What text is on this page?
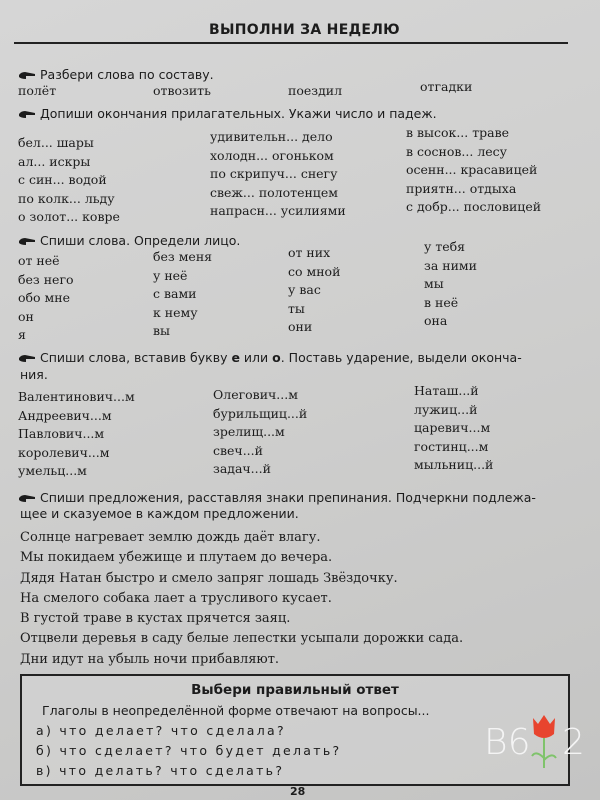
ВЫПОЛНИ ЗА НЕДЕЛЮ
Разбери слова по составу.
полёт	отвозить	поездил	отгадки
Допиши окончания прилагательных. Укажи число и падеж.
бел... шары
ал... искры
с син... водой
по колк... льду
о золот... ковре
удивительн... дело
холодн... огоньком
по скрипуч... снегу
свеж... полотенцем
напрасн... усилиями
в высок... траве
в соснов... лесу
осенн... красавицей
приятн... отдыха
с добр... пословицей
Спиши слова. Определи лицо.
от неё
без него
обо мне
он
я
без меня
у неё
с вами
к нему
вы
от них
со мной
у вас
ты
они
у тебя
за ними
мы
в неё
она
Спиши слова, вставив букву е или о. Поставь ударение, выдели оконча-
ния.
Валентинович...м
Андреевич...м
Павлович...м
королевич...м
умельц...м
Олегович...м
бурильщиц...й
зрелищ...м
свеч...й
задач...й
Наташ...й
лужиц...й
царевич...м
гостинц...м
мыльниц...й
Спиши предложения, расставляя знаки препинания. Подчеркни подлежа-
щее и сказуемое в каждом предложении.
Солнце нагревает землю дождь даёт влагу.
Мы покидаем убежище и плутаем до вечера.
Дядя Натан быстро и смело запряг лошадь Звёздочку.
На смелого собака лает а трусливого кусает.
В густой траве в кустах прячется заяц.
Отцвели деревья в саду белые лепестки усыпали дорожки сада.
Дни идут на убыль ночи прибавляют.
Выбери правильный ответ
Глаголы в неопределённой форме отвечают на вопросы...
а) что делает? что сделала?
б) что сделает? что будет делать?
в) что делать? что сделать?
28
B6 2
